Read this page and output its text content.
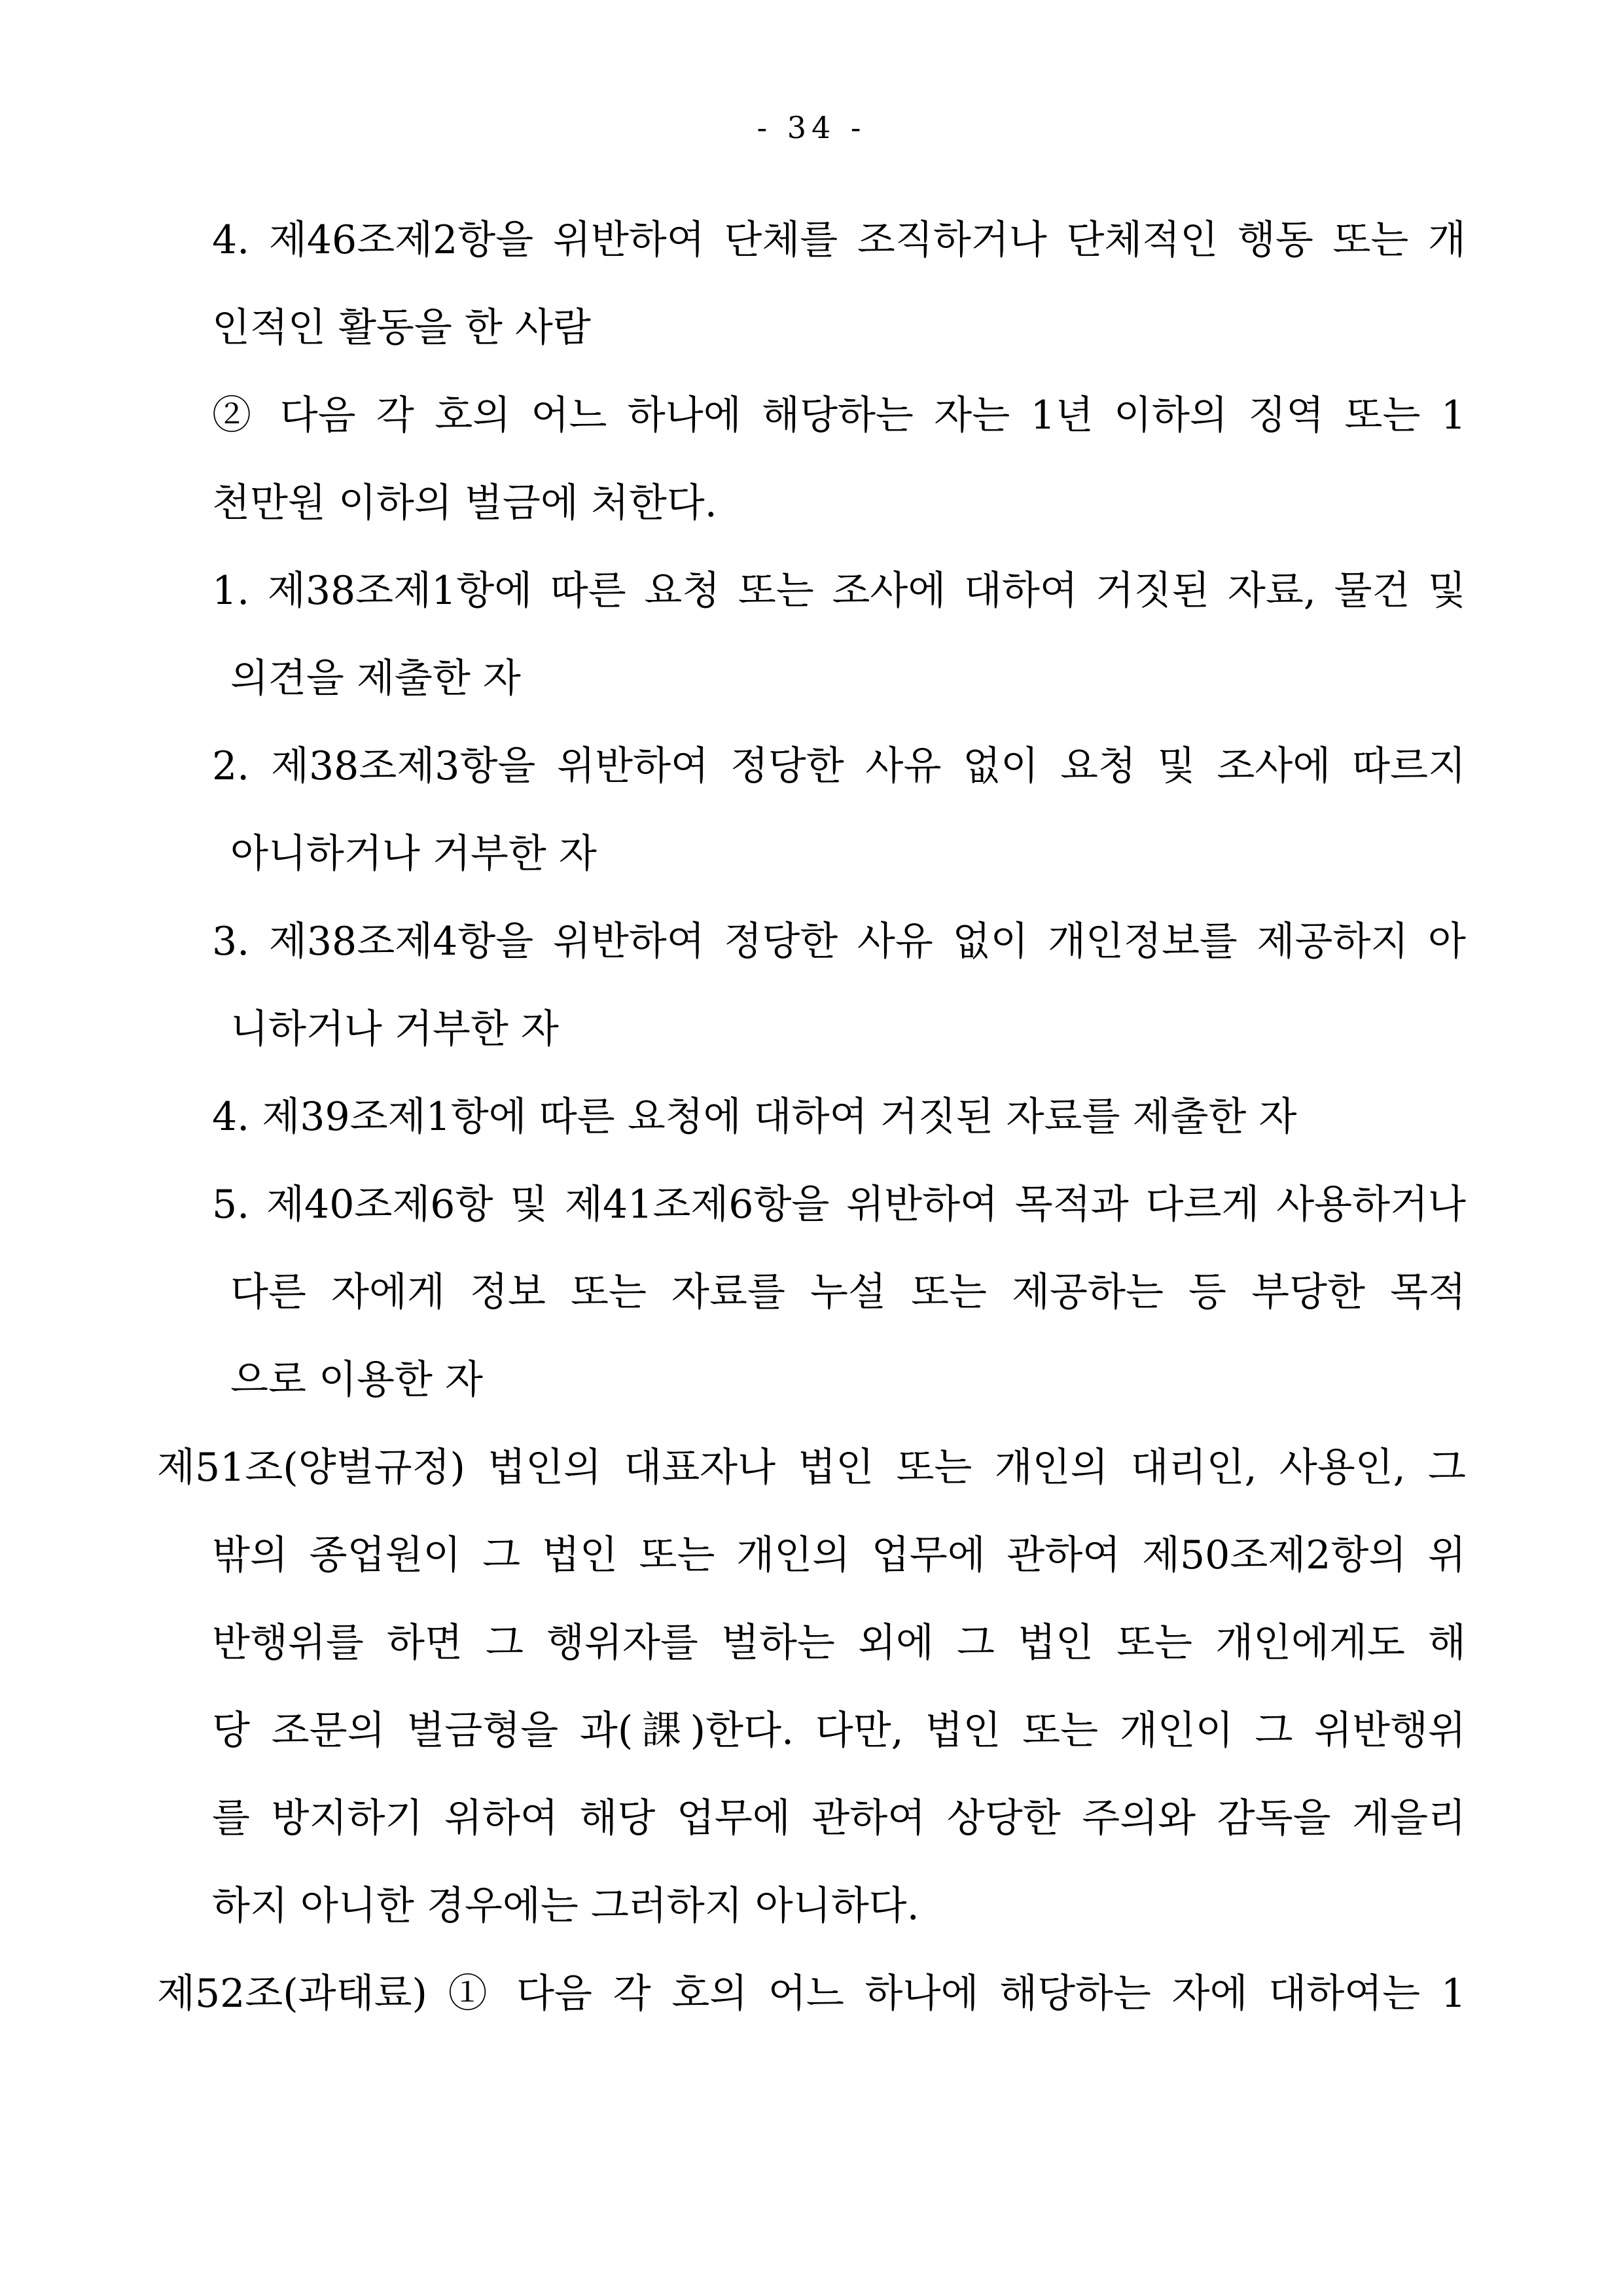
- 34 -
4. 제46조제2항을 위반하여 단체를 조직하거나 단체적인 행동 또는 개
인적인 활동을 한 사람
② 다음 각 호의 어느 하나에 해당하는 자는 1년 이하의 징역 또는 1
천만원 이하의 벌금에 처한다.
1. 제38조제1항에 따른 요청 또는 조사에 대하여 거짓된 자료, 물건 및
의견을 제출한 자
2. 제38조제3항을 위반하여 정당한 사유 없이 요청 및 조사에 따르지
아니하거나 거부한 자
3. 제38조제4항을 위반하여 정당한 사유 없이 개인정보를 제공하지 아
니하거나 거부한 자
4. 제39조제1항에 따른 요청에 대하여 거짓된 자료를 제출한 자
5. 제40조제6항 및 제41조제6항을 위반하여 목적과 다르게 사용하거나
다른 자에게 정보 또는 자료를 누설 또는 제공하는 등 부당한 목적
으로 이용한 자
제51조(양벌규정) 법인의 대표자나 법인 또는 개인의 대리인, 사용인, 그
밖의 종업원이 그 법인 또는 개인의 업무에 관하여 제50조제2항의 위
반행위를 하면 그 행위자를 벌하는 외에 그 법인 또는 개인에게도 해
당 조문의 벌금형을 과(課)한다. 다만, 법인 또는 개인이 그 위반행위
를 방지하기 위하여 해당 업무에 관하여 상당한 주의와 감독을 게을리
하지 아니한 경우에는 그러하지 아니하다.
제52조(과태료) ① 다음 각 호의 어느 하나에 해당하는 자에 대하여는 1
